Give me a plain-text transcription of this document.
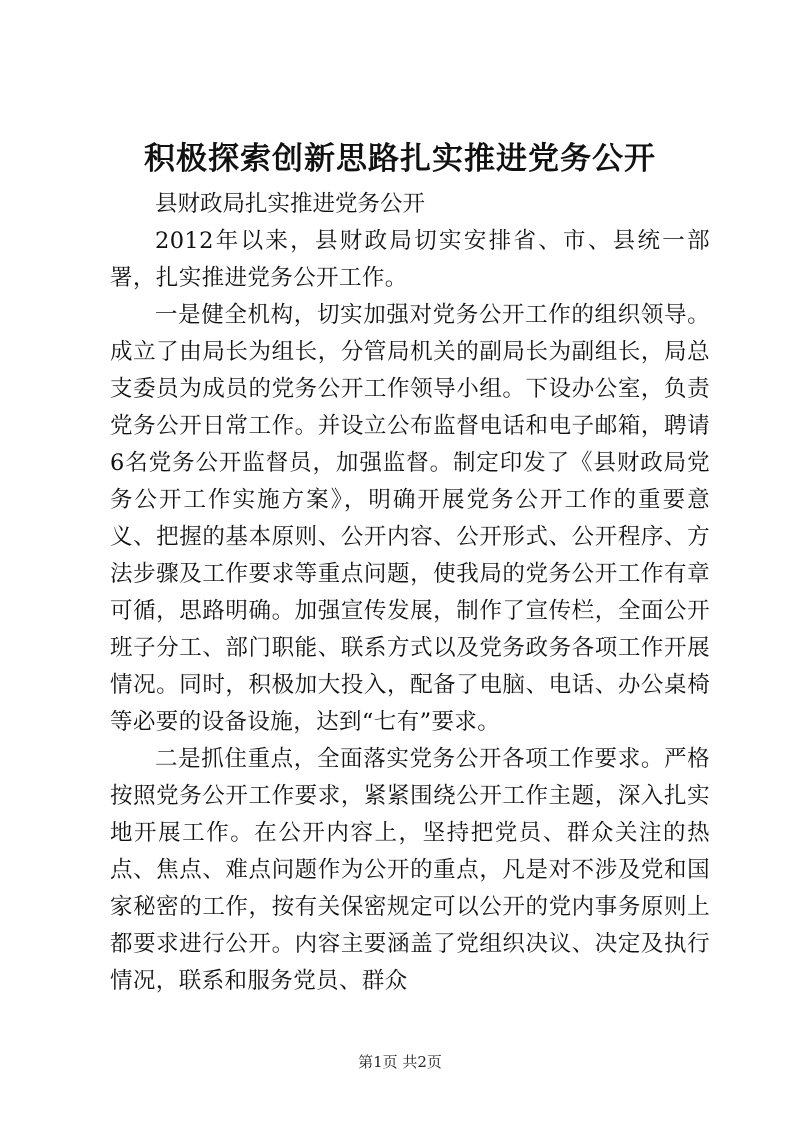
积极探索创新思路扎实推进党务公开

县财政局扎实推进党务公开

2012年以来，县财政局切实安排省、市、县统一部署，扎实推进党务公开工作。

一是健全机构，切实加强对党务公开工作的组织领导。成立了由局长为组长，分管局机关的副局长为副组长，局总支委员为成员的党务公开工作领导小组。下设办公室，负责党务公开日常工作。并设立公布监督电话和电子邮箱，聘请6名党务公开监督员，加强监督。制定印发了《县财政局党务公开工作实施方案》，明确开展党务公开工作的重要意义、把握的基本原则、公开内容、公开形式、公开程序、方法步骤及工作要求等重点问题，使我局的党务公开工作有章可循，思路明确。加强宣传发展，制作了宣传栏，全面公开班子分工、部门职能、联系方式以及党务政务各项工作开展情况。同时，积极加大投入，配备了电脑、电话、办公桌椅等必要的设备设施，达到“七有”要求。

二是抓住重点，全面落实党务公开各项工作要求。严格按照党务公开工作要求，紧紧围绕公开工作主题，深入扎实地开展工作。在公开内容上，坚持把党员、群众关注的热点、焦点、难点问题作为公开的重点，凡是对不涉及党和国家秘密的工作，按有关保密规定可以公开的党内事务原则上都要求进行公开。内容主要涵盖了党组织决议、决定及执行情况，联系和服务党员、群众

第1页 共2页
